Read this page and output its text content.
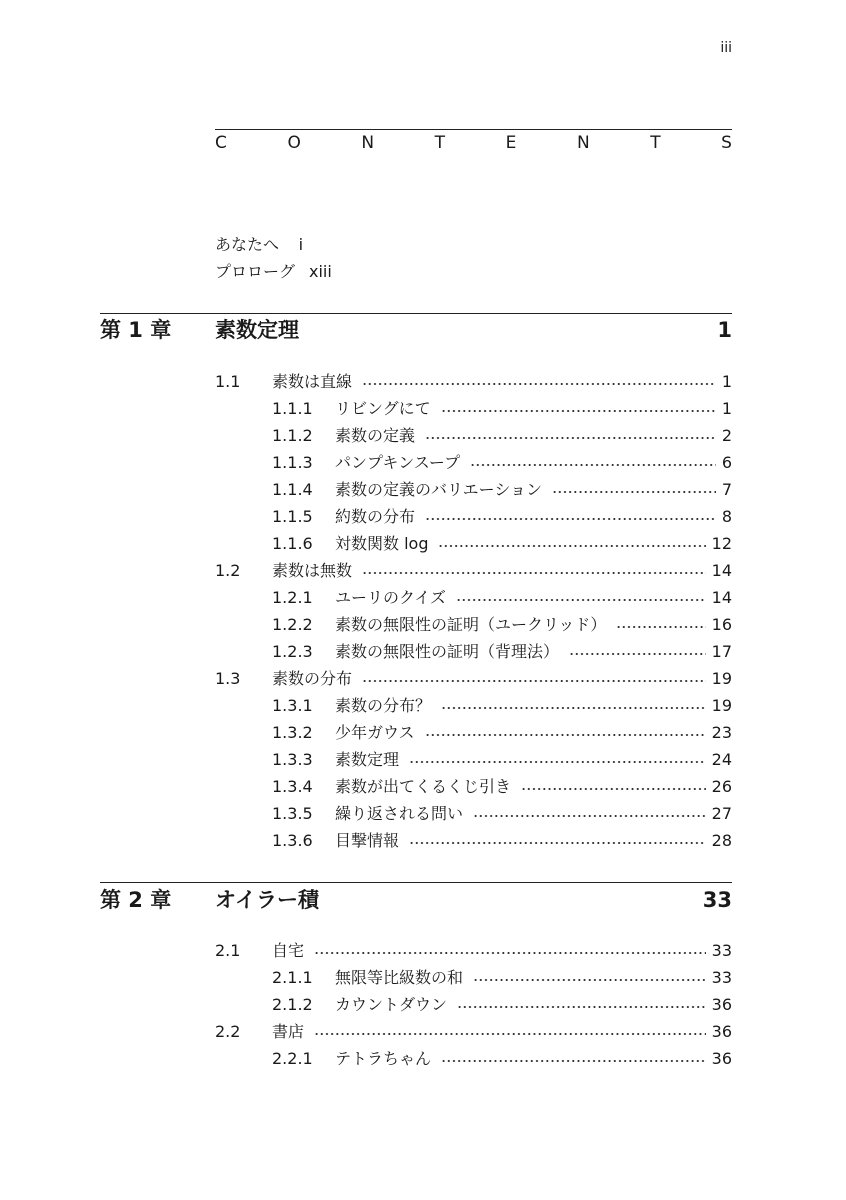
iii
C	O	N	T	E	N	T	S
あなたへ i
プロローグ xiii
第 1 章 素数定理	1
1.1	素数は直線	1
1.1.1	リビングにて	1
1.1.2	素数の定義	2
1.1.3	パンプキンスープ	6
1.1.4	素数の定義のバリエーション	7
1.1.5	約数の分布	8
1.1.6	対数関数 log	12
1.2	素数は無数	14
1.2.1	ユーリのクイズ	14
1.2.2	素数の無限性の証明（ユークリッド）	16
1.2.3	素数の無限性の証明（背理法）	17
1.3	素数の分布	19
1.3.1	素数の分布？	19
1.3.2	少年ガウス	23
1.3.3	素数定理	24
1.3.4	素数が出てくるくじ引き	26
1.3.5	繰り返される問い	27
1.3.6	目撃情報	28
第 2 章 オイラー積	33
2.1	自宅	33
2.1.1	無限等比級数の和	33
2.1.2	カウントダウン	36
2.2	書店	36
2.2.1	テトラちゃん	36
